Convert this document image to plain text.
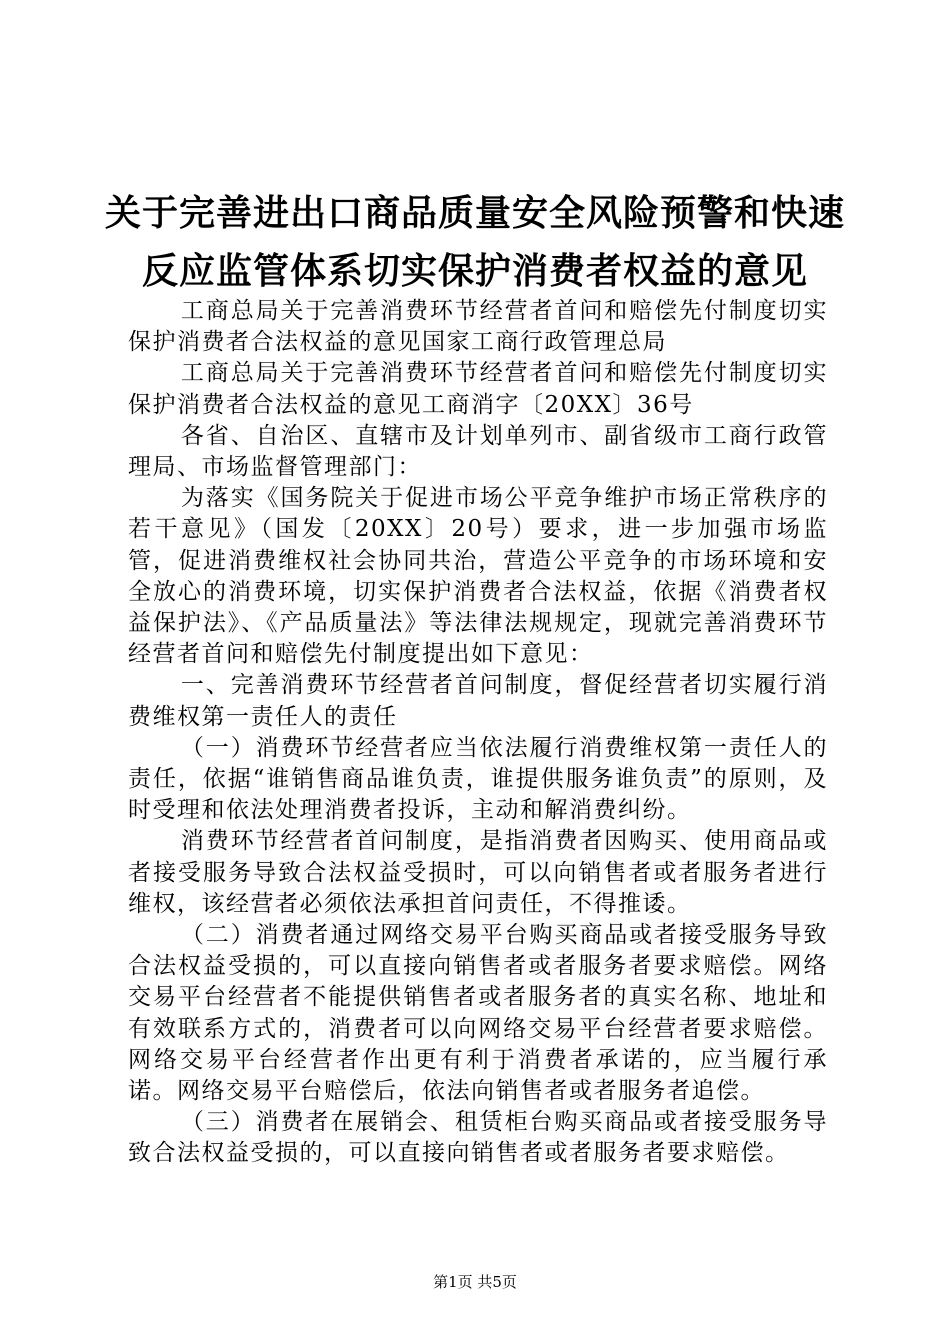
关于完善进出口商品质量安全风险预警和快速
反应监管体系切实保护消费者权益的意见

工商总局关于完善消费环节经营者首问和赔偿先付制度切实保护消费者合法权益的意见国家工商行政管理总局

工商总局关于完善消费环节经营者首问和赔偿先付制度切实保护消费者合法权益的意见工商消字〔20XX〕36号

各省、自治区、直辖市及计划单列市、副省级市工商行政管理局、市场监督管理部门：

为落实《国务院关于促进市场公平竞争维护市场正常秩序的若干意见》（国发〔20XX〕20号）要求，进一步加强市场监管，促进消费维权社会协同共治，营造公平竞争的市场环境和安全放心的消费环境，切实保护消费者合法权益，依据《消费者权益保护法》、《产品质量法》等法律法规规定，现就完善消费环节经营者首问和赔偿先付制度提出如下意见：

一、完善消费环节经营者首问制度，督促经营者切实履行消费维权第一责任人的责任

（一）消费环节经营者应当依法履行消费维权第一责任人的责任，依据“谁销售商品谁负责，谁提供服务谁负责”的原则，及时受理和依法处理消费者投诉，主动和解消费纠纷。

消费环节经营者首问制度，是指消费者因购买、使用商品或者接受服务导致合法权益受损时，可以向销售者或者服务者进行维权，该经营者必须依法承担首问责任，不得推诿。

（二）消费者通过网络交易平台购买商品或者接受服务导致合法权益受损的，可以直接向销售者或者服务者要求赔偿。网络交易平台经营者不能提供销售者或者服务者的真实名称、地址和有效联系方式的，消费者可以向网络交易平台经营者要求赔偿。网络交易平台经营者作出更有利于消费者承诺的，应当履行承诺。网络交易平台赔偿后，依法向销售者或者服务者追偿。

（三）消费者在展销会、租赁柜台购买商品或者接受服务导致合法权益受损的，可以直接向销售者或者服务者要求赔偿。

第1页 共5页
